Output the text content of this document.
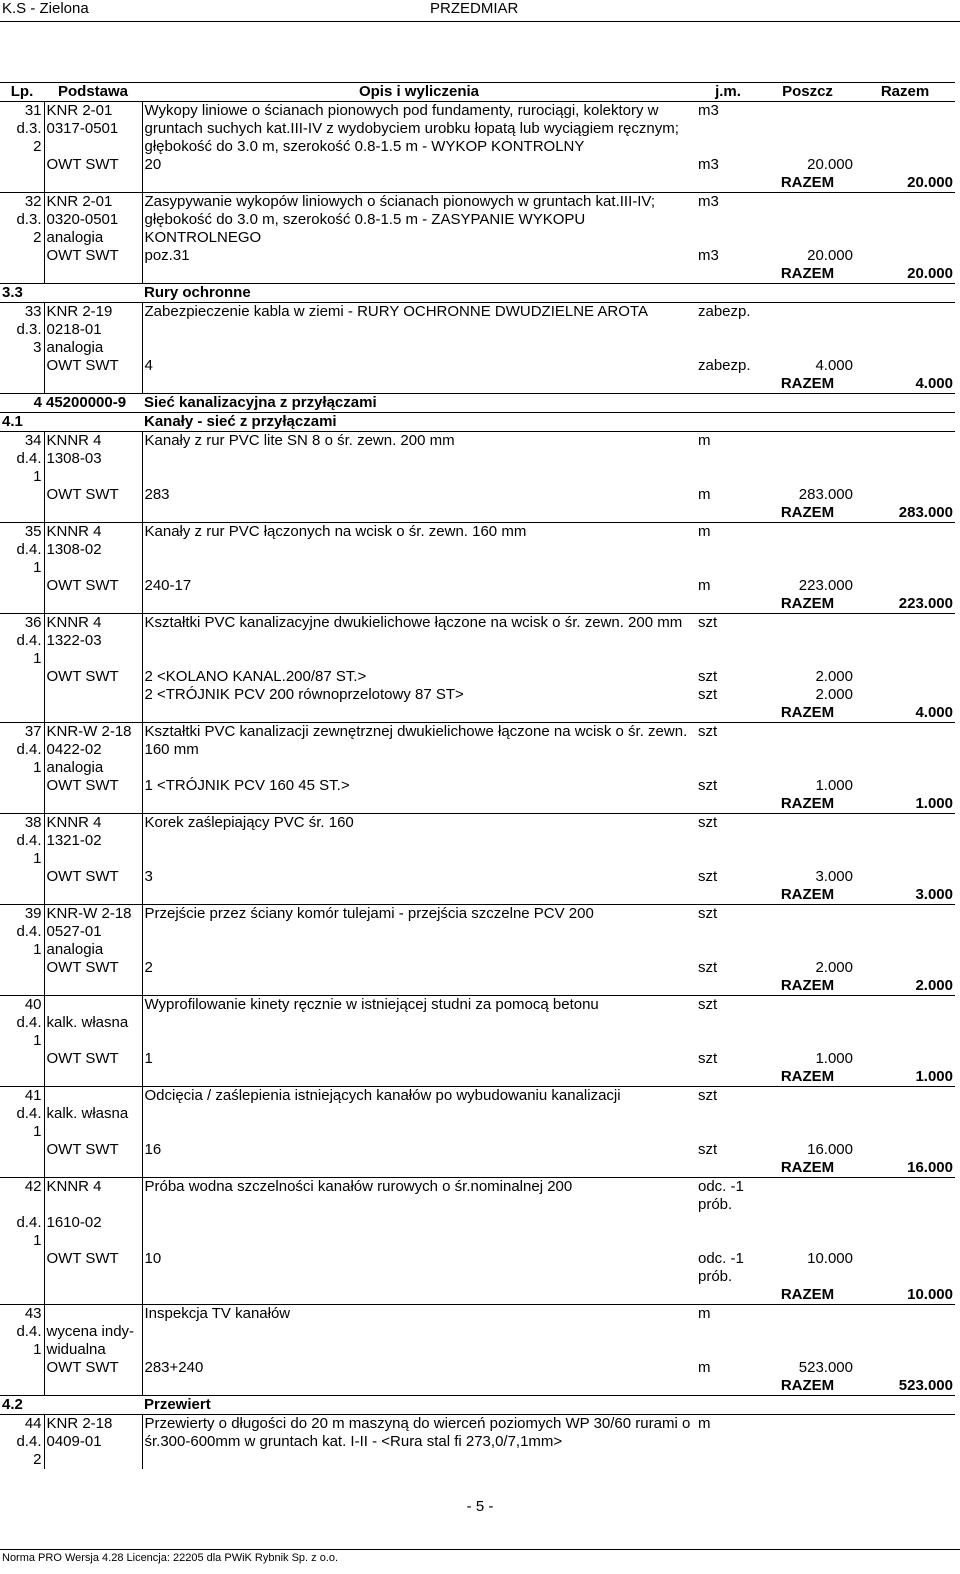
K.S - Zielona	PRZEDMIAR
Lp.	Podstawa	Opis i wyliczenia	j.m.	Poszcz	Razem
31	KNR 2-01	Wykopy liniowe o ścianach pionowych pod fundamenty, rurociągi, kolektory w gruntach suchych kat.III-IV z wydobyciem urobku łopatą lub wyciągiem ręcznym; głębokość do 3.0 m, szerokość 0.8-1.5 m - WYKOP KONTROLNY	m3		
d.3.	0317-0501				
2					
	OWT SWT	20	m3	20.000	
				RAZEM	20.000
32	KNR 2-01	Zasypywanie wykopów liniowych o ścianach pionowych w gruntach kat.III-IV; głębokość do 3.0 m, szerokość 0.8-1.5 m - ZASYPANIE WYKOPU KONTROLNEGO	m3		
d.3.	0320-0501				
2	analogia				
	OWT SWT	poz.31	m3	20.000	
				RAZEM	20.000
3.3		Rury ochronne			
33	KNR 2-19	Zabezpieczenie kabla w ziemi - RURY OCHRONNE DWUDZIELNE AROTA	zabezp.		
d.3.	0218-01				
3	analogia				
	OWT SWT	4	zabezp.	4.000	
				RAZEM	4.000
4	45200000-9	Sieć kanalizacyjna z przyłączami			
4.1		Kanały - sieć z przyłączami			
34	KNNR 4	Kanały z rur PVC lite SN 8 o śr. zewn. 200 mm	m		
d.4.	1308-03				
1					
	OWT SWT	283	m	283.000	
				RAZEM	283.000
35	KNNR 4	Kanały z rur PVC łączonych na wcisk o śr. zewn. 160 mm	m		
d.4.	1308-02				
1					
	OWT SWT	240-17	m	223.000	
				RAZEM	223.000
36	KNNR 4	Kształtki PVC kanalizacyjne dwukielichowe łączone na wcisk o śr. zewn. 200 mm	szt		
d.4.	1322-03				
1					
	OWT SWT	2 <KOLANO KANAL.200/87 ST.>	szt	2.000	
		2 <TRÓJNIK PCV 200 równoprzelotowy 87 ST>	szt	2.000	
				RAZEM	4.000
37	KNR-W 2-18	Kształtki PVC kanalizacji zewnętrznej dwukielichowe łączone na wcisk o śr. zewn. 160 mm	szt		
d.4.	0422-02				
1	analogia				
	OWT SWT	1 <TRÓJNIK PCV 160 45 ST.>	szt	1.000	
				RAZEM	1.000
38	KNNR 4	Korek zaślepiający PVC śr. 160	szt		
d.4.	1321-02				
1					
	OWT SWT	3	szt	3.000	
				RAZEM	3.000
39	KNR-W 2-18	Przejście przez ściany komór tulejami - przejścia szczelne PCV 200	szt		
d.4.	0527-01				
1	analogia				
	OWT SWT	2	szt	2.000	
				RAZEM	2.000
40		Wyprofilowanie kinety ręcznie w istniejącej studni za pomocą betonu	szt		
d.4.	kalk. własna				
1					
	OWT SWT	1	szt	1.000	
				RAZEM	1.000
41		Odcięcia / zaślepienia istniejących kanałów po wybudowaniu kanalizacji	szt		
d.4.	kalk. własna				
1					
	OWT SWT	16	szt	16.000	
				RAZEM	16.000
42	KNNR 4	Próba wodna szczelności kanałów rurowych o śr.nominalnej 200	odc. -1 prób.		
d.4.	1610-02				
1					
	OWT SWT	10	odc. -1 prób.	10.000	
				RAZEM	10.000
43		Inspekcja TV kanałów	m		
d.4.	wycena indy-				
1	widualna				
	OWT SWT	283+240	m	523.000	
				RAZEM	523.000
4.2		Przewiert			
44	KNR 2-18	Przewierty o długości do 20 m maszyną do wierceń poziomych WP 30/60 rurami o śr.300-600mm w gruntach kat. I-II - <Rura stal fi 273,0/7,1mm>	m		
d.4.	0409-01				
2					
- 5 -
Norma PRO Wersja 4.28 Licencja: 22205 dla PWiK Rybnik Sp. z o.o.
